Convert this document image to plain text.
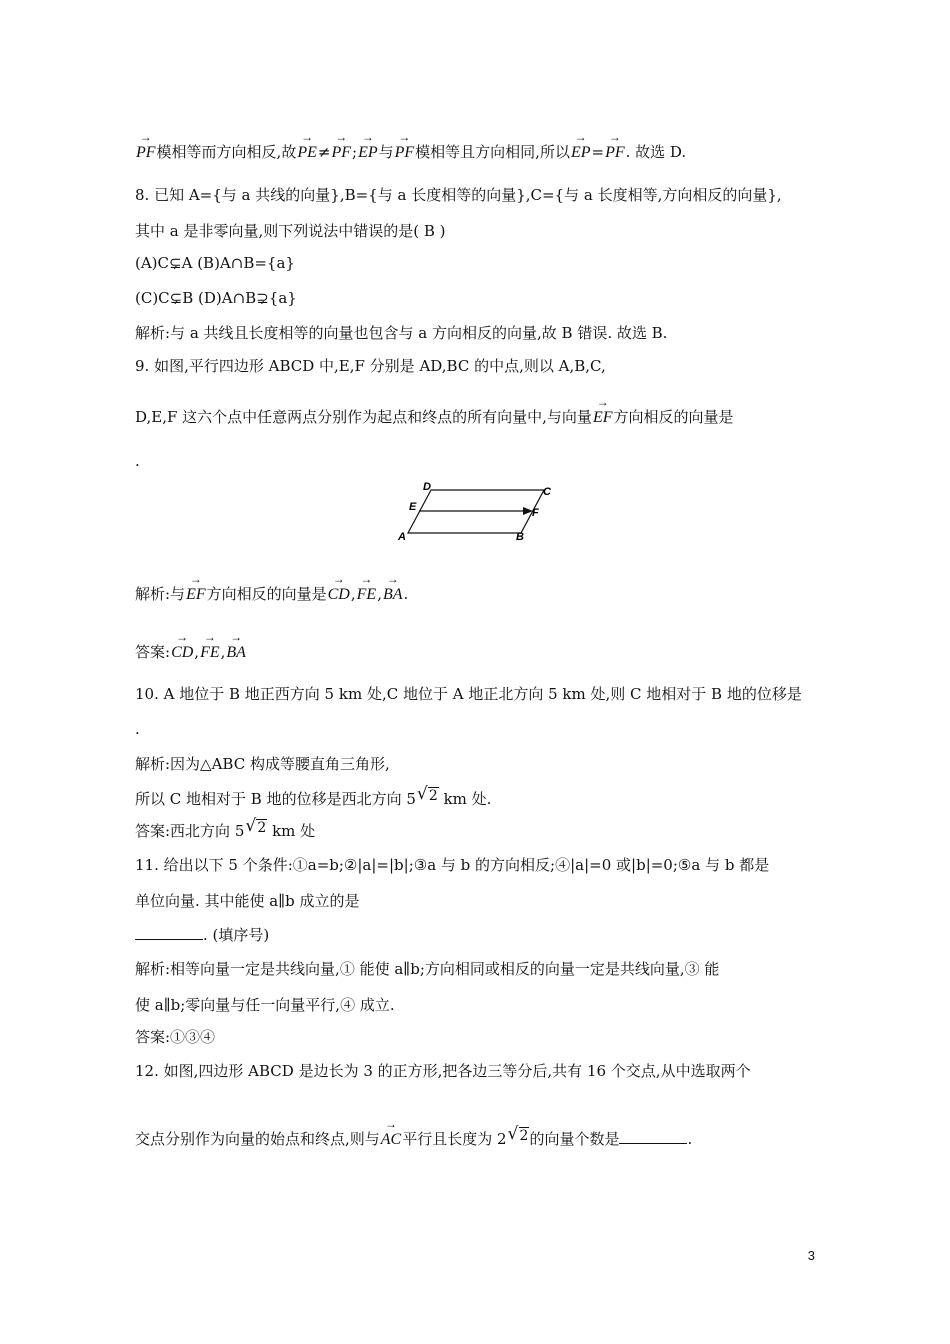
→ PF模相等而方向相反,故→ PE≠→ PF;→ EP与→ PF模相等且方向相同,所以→ EP=→ PF. 故选 D.
8. 已知 A={与 a 共线的向量},B={与 a 长度相等的向量},C={与 a 长度相等,方向相反的向量},
其中 a 是非零向量,则下列说法中错误的是( B )
(A)C⊊A (B)A∩B={a}
(C)C⊊B (D)A∩B⊋{a}
解析:与 a 共线且长度相等的向量也包含与 a 方向相反的向量,故 B 错误. 故选 B.
9. 如图,平行四边形 ABCD 中,E,F 分别是 AD,BC 的中点,则以 A,B,C,
D,E,F 这六个点中任意两点分别作为起点和终点的所有向量中,与向量→ EF方向相反的向量是
.
A	B
C
D
E	F
解析:与→ EF方向相反的向量是→ CD,→ FE,→ BA.
答案:→ CD,→ FE,→ BA
10. A 地位于 B 地正西方向 5 km 处,C 地位于 A 地正北方向 5 km 处,则 C 地相对于 B 地的位移是
.
解析:因为△ABC 构成等腰直角三角形,
所以 C 地相对于 B 地的位移是西北方向 5 √ 2 km 处.
答案:西北方向 5 √ 2 km 处
11. 给出以下 5 个条件:①a=b;②|a|=|b|;③a 与 b 的方向相反;④|a|=0 或|b|=0;⑤a 与 b 都是
单位向量. 其中能使 a∥b 成立的是
. (填序号)
解析:相等向量一定是共线向量,① 能使 a∥b;方向相同或相反的向量一定是共线向量,③ 能
使 a∥b;零向量与任一向量平行,④ 成立.
答案:①③④
12. 如图,四边形 ABCD 是边长为 3 的正方形,把各边三等分后,共有 16 个交点,从中选取两个
交点分别作为向量的始点和终点,则与→ AC平行且长度为 2 √ 2的向量个数是	.
3
